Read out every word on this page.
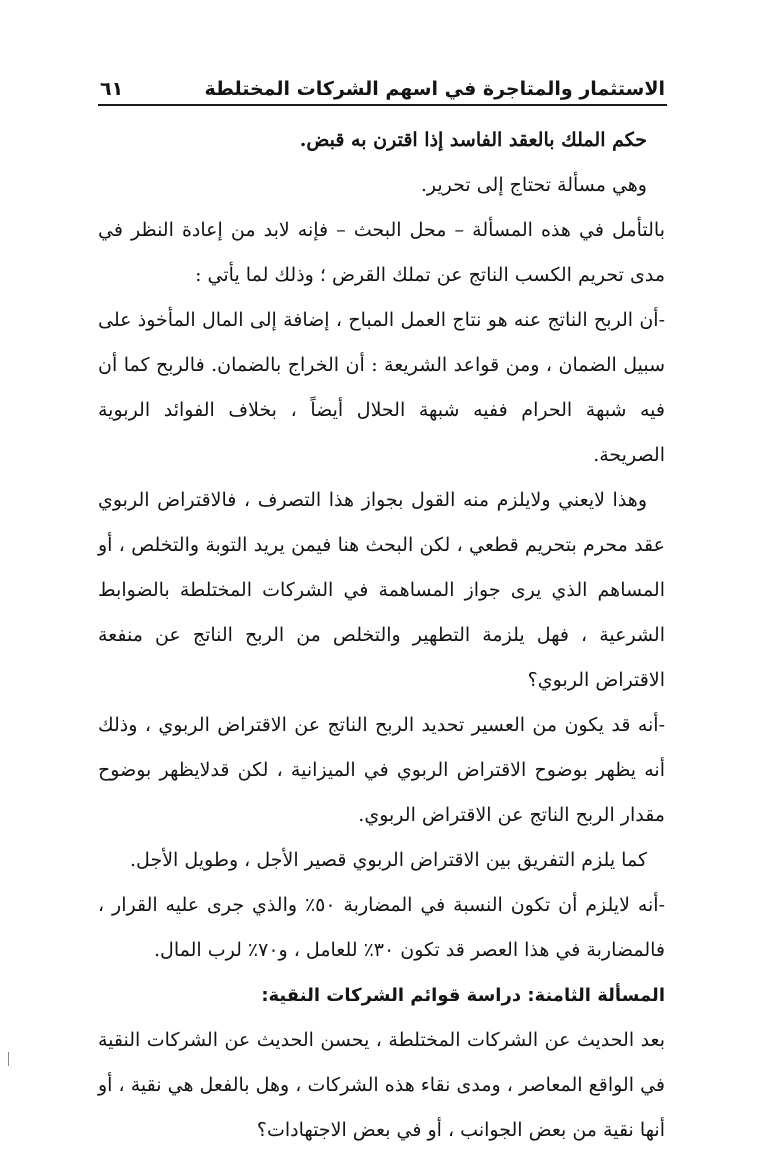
الاستثمار والمتاجرة في اسهم الشركات المختلطة
٦١

حكم الملك بالعقد الفاسد إذا اقترن به قبض.

وهي مسألة تحتاج إلى تحرير.

بالتأمل في هذه المسألة – محل البحث – فإنه لابد من إعادة النظر في مدى تحريم الكسب الناتج عن تملك القرض ؛ وذلك لما يأتي :

-أن الربح الناتج عنه هو نتاج العمل المباح ، إضافة إلى المال المأخوذ على سبيل الضمان ، ومن قواعد الشريعة : أن الخراج بالضمان. فالربح كما أن فيه شبهة الحرام ففيه شبهة الحلال أيضاً ، بخلاف الفوائد الربوية الصريحة.

وهذا لايعني ولايلزم منه القول بجواز هذا التصرف ، فالاقتراض الربوي عقد محرم بتحريم قطعي ، لكن البحث هنا فيمن يريد التوبة والتخلص ، أو المساهم الذي يرى جواز المساهمة في الشركات المختلطة بالضوابط الشرعية ، فهل يلزمة التطهير والتخلص من الربح الناتج عن منفعة الاقتراض الربوي؟

-أنه قد يكون من العسير تحديد الربح الناتج عن الاقتراض الربوي ، وذلك أنه يظهر بوضوح الاقتراض الربوي في الميزانية ، لكن قدلايظهر بوضوح مقدار الربح الناتج عن الاقتراض الربوي.

كما يلزم التفريق بين الاقتراض الربوي قصير الأجل ، وطويل الأجل.

-أنه لايلزم أن تكون النسبة في المضاربة ٥٠٪ والذي جرى عليه القرار ، فالمضاربة في هذا العصر قد تكون ٣٠٪ للعامل ، و٧٠٪ لرب المال.

المسألة الثامنة: دراسة قوائم الشركات النقية:

بعد الحديث عن الشركات المختلطة ، يحسن الحديث عن الشركات النقية في الواقع المعاصر ، ومدى نقاء هذه الشركات ، وهل بالفعل هي نقية ، أو أنها نقية من بعض الجوانب ، أو في بعض الاجتهادات؟
